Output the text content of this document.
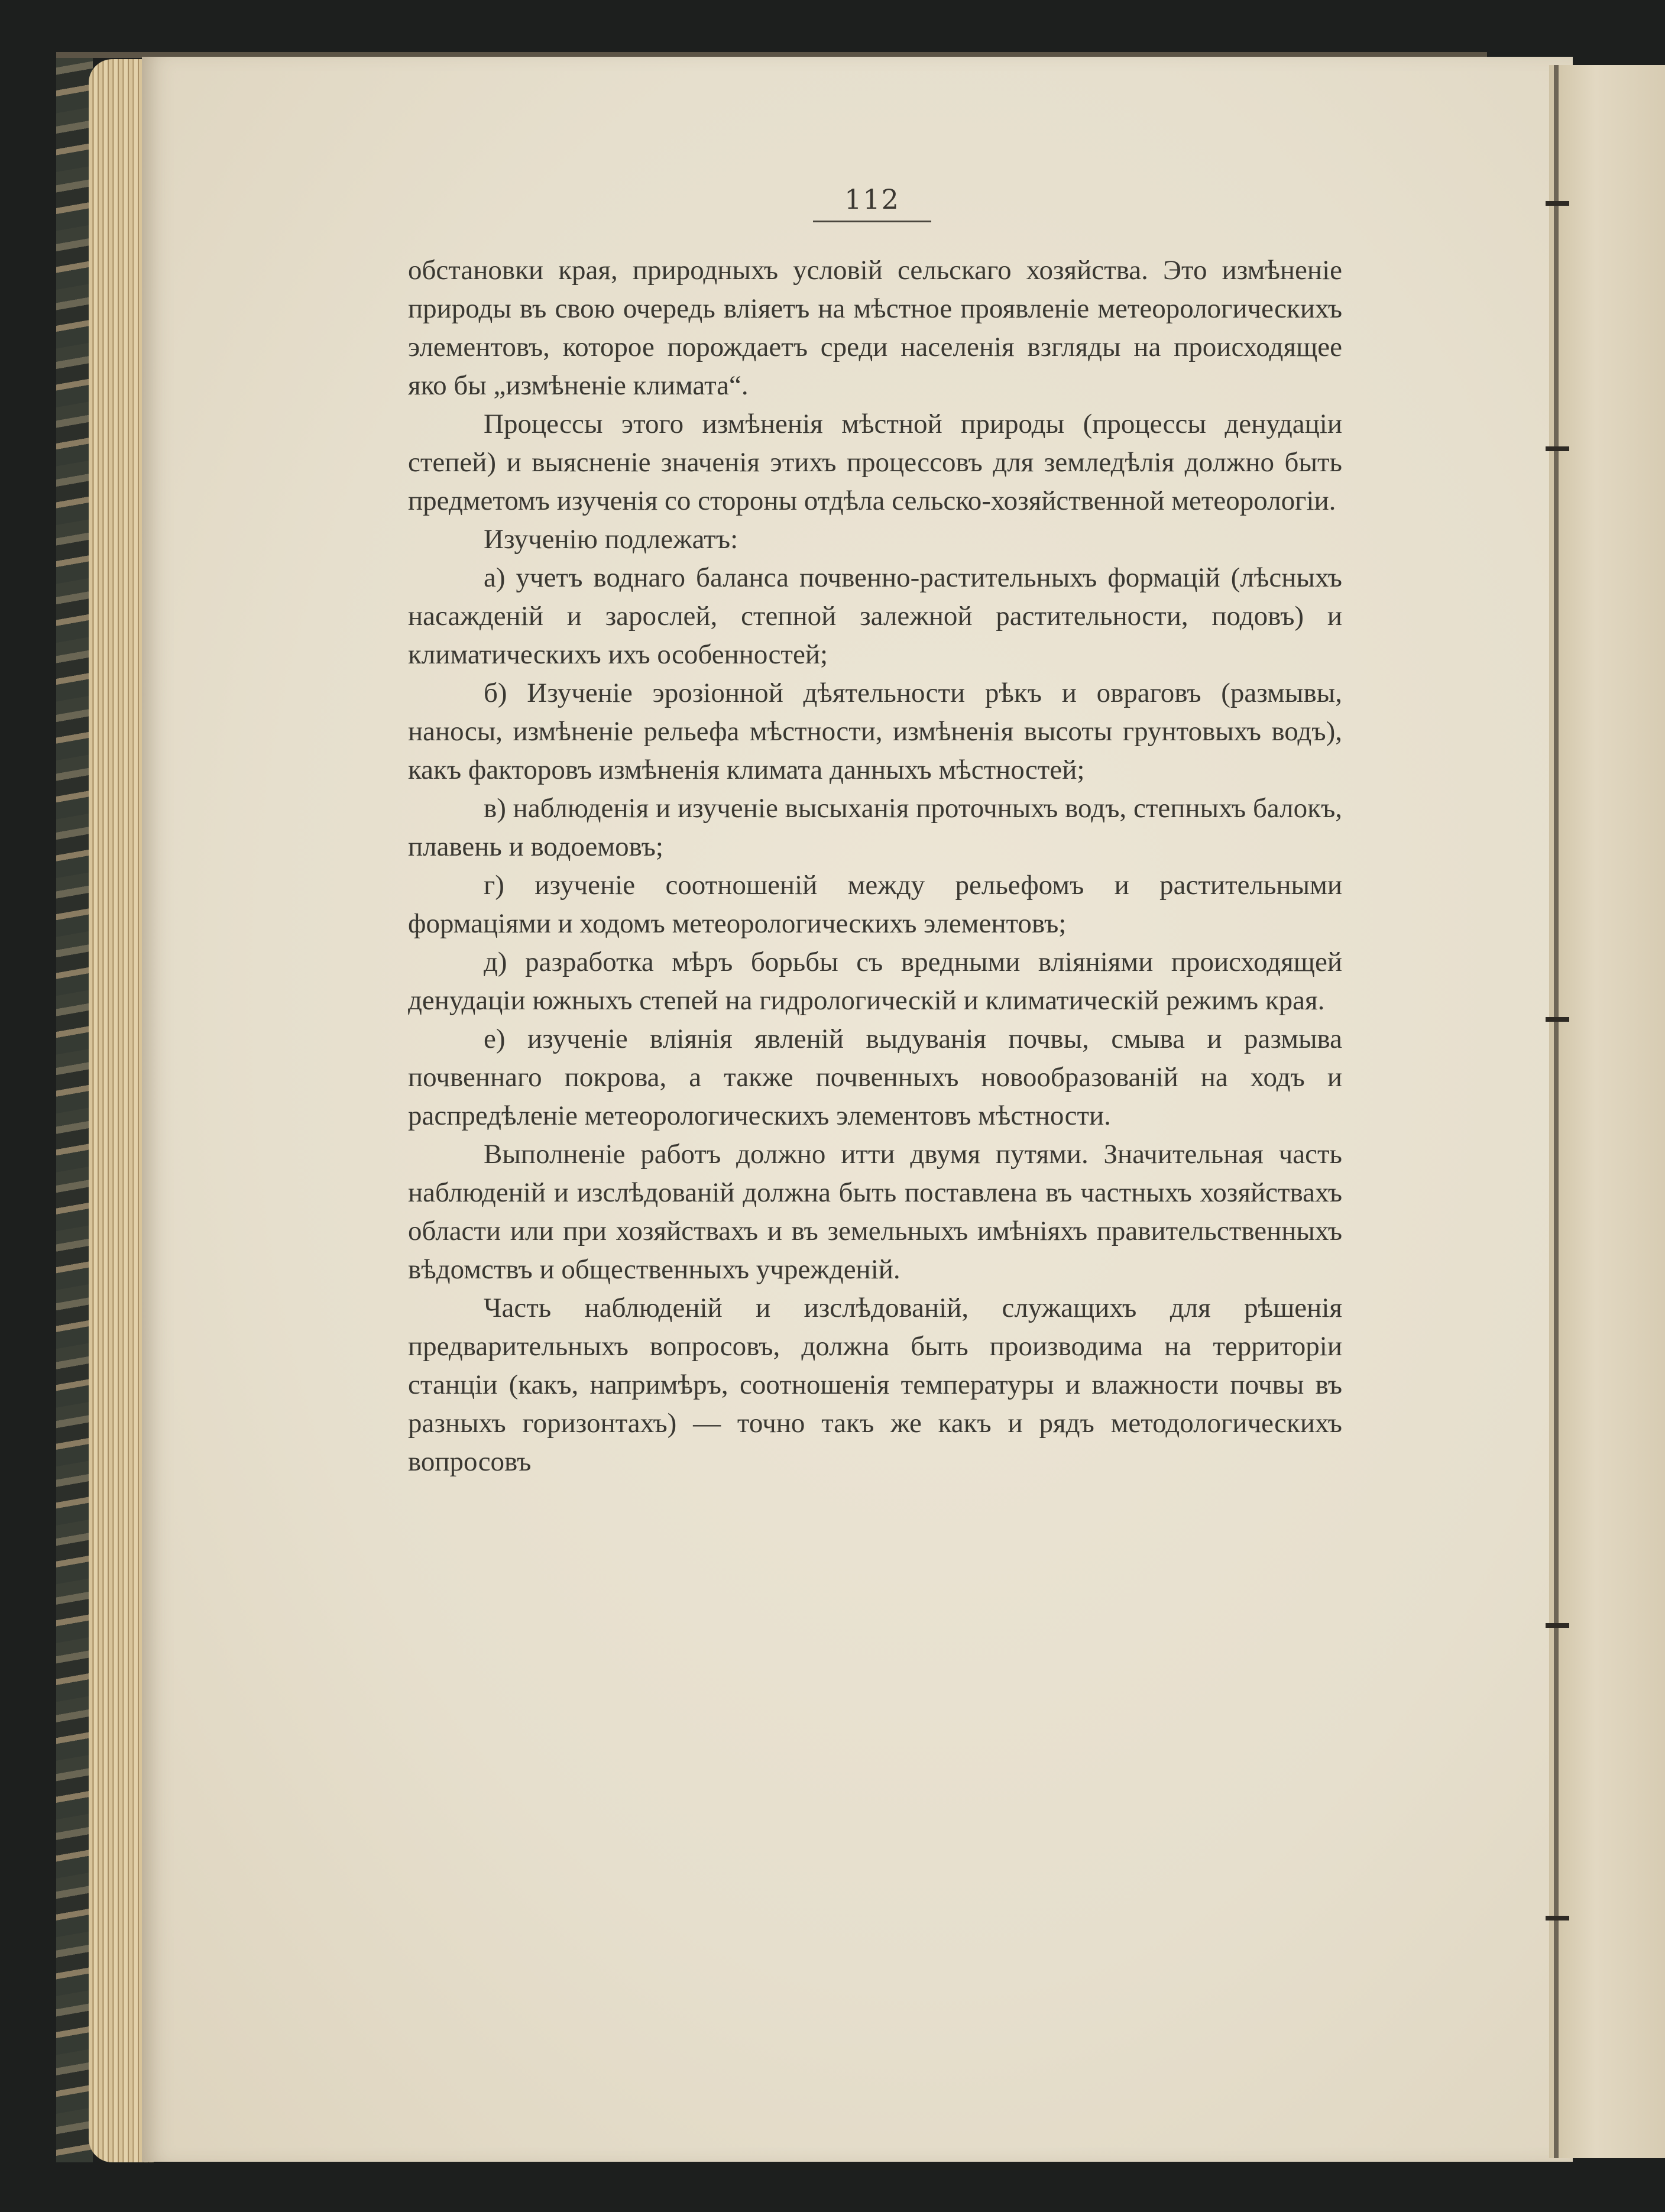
112

обстановки края, природныхъ условій сельскаго хозяйства. Это измѣненіе природы въ свою очередь вліяетъ на мѣстное проявленіе метеорологическихъ элементовъ, которое порождаетъ среди населенія взгляды на происходящее яко бы „измѣненіе климата“.

Процессы этого измѣненія мѣстной природы (процессы денудаціи степей) и выясненіе значенія этихъ процессовъ для земледѣлія должно быть предметомъ изученія со стороны отдѣла сельско-хозяйственной метеорологіи.

Изученію подлежатъ:

а) учетъ воднаго баланса почвенно-растительныхъ формацій (лѣсныхъ насажденій и зарослей, степной залежной растительности, подовъ) и климатическихъ ихъ особенностей;

б) Изученіе эрозіонной дѣятельности рѣкъ и овраговъ (размывы, наносы, измѣненіе рельефа мѣстности, измѣненія высоты грунтовыхъ водъ), какъ факторовъ измѣненія климата данныхъ мѣстностей;

в) наблюденія и изученіе высыханія проточныхъ водъ, степныхъ балокъ, плавень и водоемовъ;

г) изученіе соотношеній между рельефомъ и растительными формаціями и ходомъ метеорологическихъ элементовъ;

д) разработка мѣръ борьбы съ вредными вліяніями происходящей денудаціи южныхъ степей на гидрологическій и климатическій режимъ края.

е) изученіе вліянія явленій выдуванія почвы, смыва и размыва почвеннаго покрова, а также почвенныхъ новообразованій на ходъ и распредѣленіе метеорологическихъ элементовъ мѣстности.

Выполненіе работъ должно итти двумя путями. Значительная часть наблюденій и изслѣдованій должна быть поставлена въ частныхъ хозяйствахъ области или при хозяйствахъ и въ земельныхъ имѣніяхъ правительственныхъ вѣдомствъ и общественныхъ учрежденій.

Часть наблюденій и изслѣдованій, служащихъ для рѣшенія предварительныхъ вопросовъ, должна быть производима на территоріи станціи (какъ, напримѣръ, соотношенія температуры и влажности почвы въ разныхъ горизонтахъ) — точно такъ же какъ и рядъ методологическихъ вопросовъ
